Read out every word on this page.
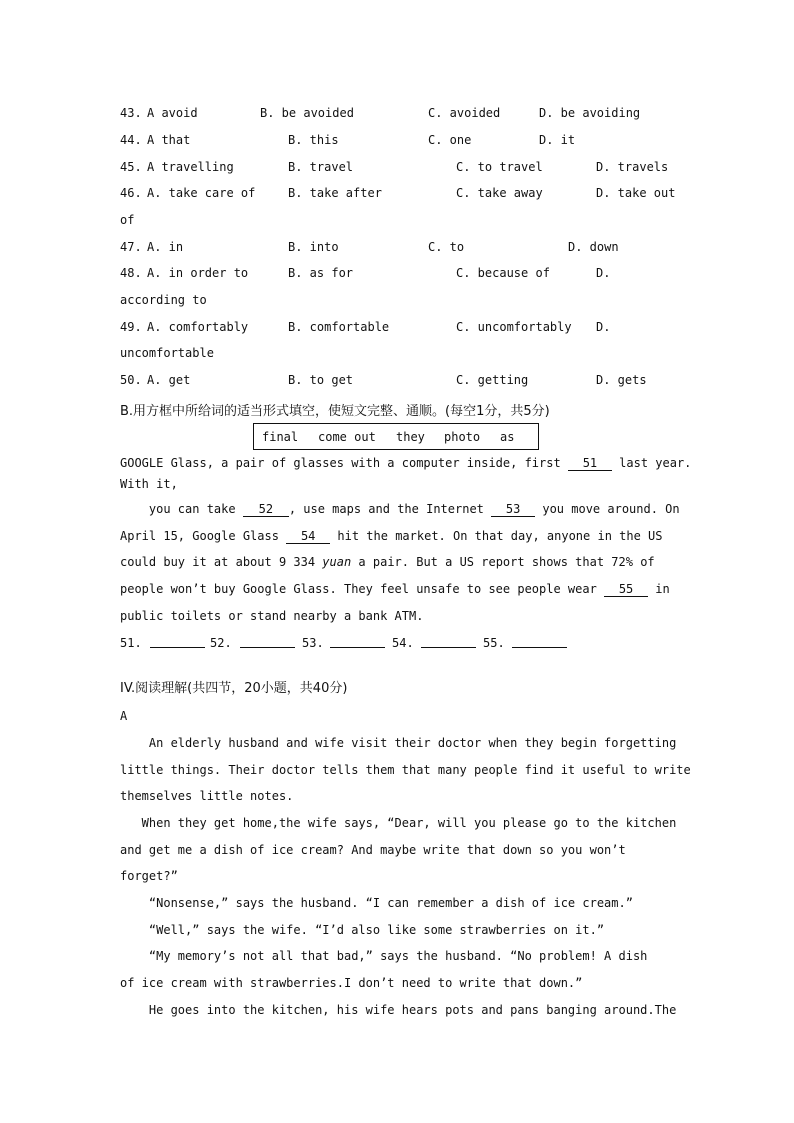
43. A avoid	B. be avoided	C. avoided	D. be avoiding
44. A that	B. this	C. one	D. it
45. A travelling	B. travel	C. to travel	D. travels
46. A. take care of	B. take after	C. take away	D. take out
of
47. A. in	B. into	C. to	D. down
48. A. in order to	B. as for	C. because of	D.
according to
49. A. comfortably	B. comfortable	C. uncomfortably D.
uncomfortable
50. A. get	B. to get	C. getting	D. gets
B.用方框中所给词的适当形式填空，使短文完整、通顺。(每空1分，共5分)
final come out they photo as
GOOGLE Glass, a pair of glasses with a computer inside, first 51 last year.
With it,
you can take 52 , use maps and the Internet 53 you move around. On
April 15, Google Glass 54 hit the market. On that day, anyone in the US
could buy it at about 9 334 yuan a pair. But a US report shows that 72% of
people won’t buy Google Glass. They feel unsafe to see people wear 55 in
public toilets or stand nearby a bank ATM.
51.	52.	53.	54.	55.
IV.阅读理解(共四节，20小题，共40分)
A
An elderly husband and wife visit their doctor when they begin forgetting
little things. Their doctor tells them that many people find it useful to write
themselves little notes.
When they get home,the wife says, “Dear, will you please go to the kitchen
and get me a dish of ice cream? And maybe write that down so you won’t
forget?”
“Nonsense,” says the husband. “I can remember a dish of ice cream.”
“Well,” says the wife. “I’d also like some strawberries on it.”
“My memory’s not all that bad,” says the husband. “No problem! A dish
of ice cream with strawberries.I don’t need to write that down.”
He goes into the kitchen, his wife hears pots and pans banging around.The
